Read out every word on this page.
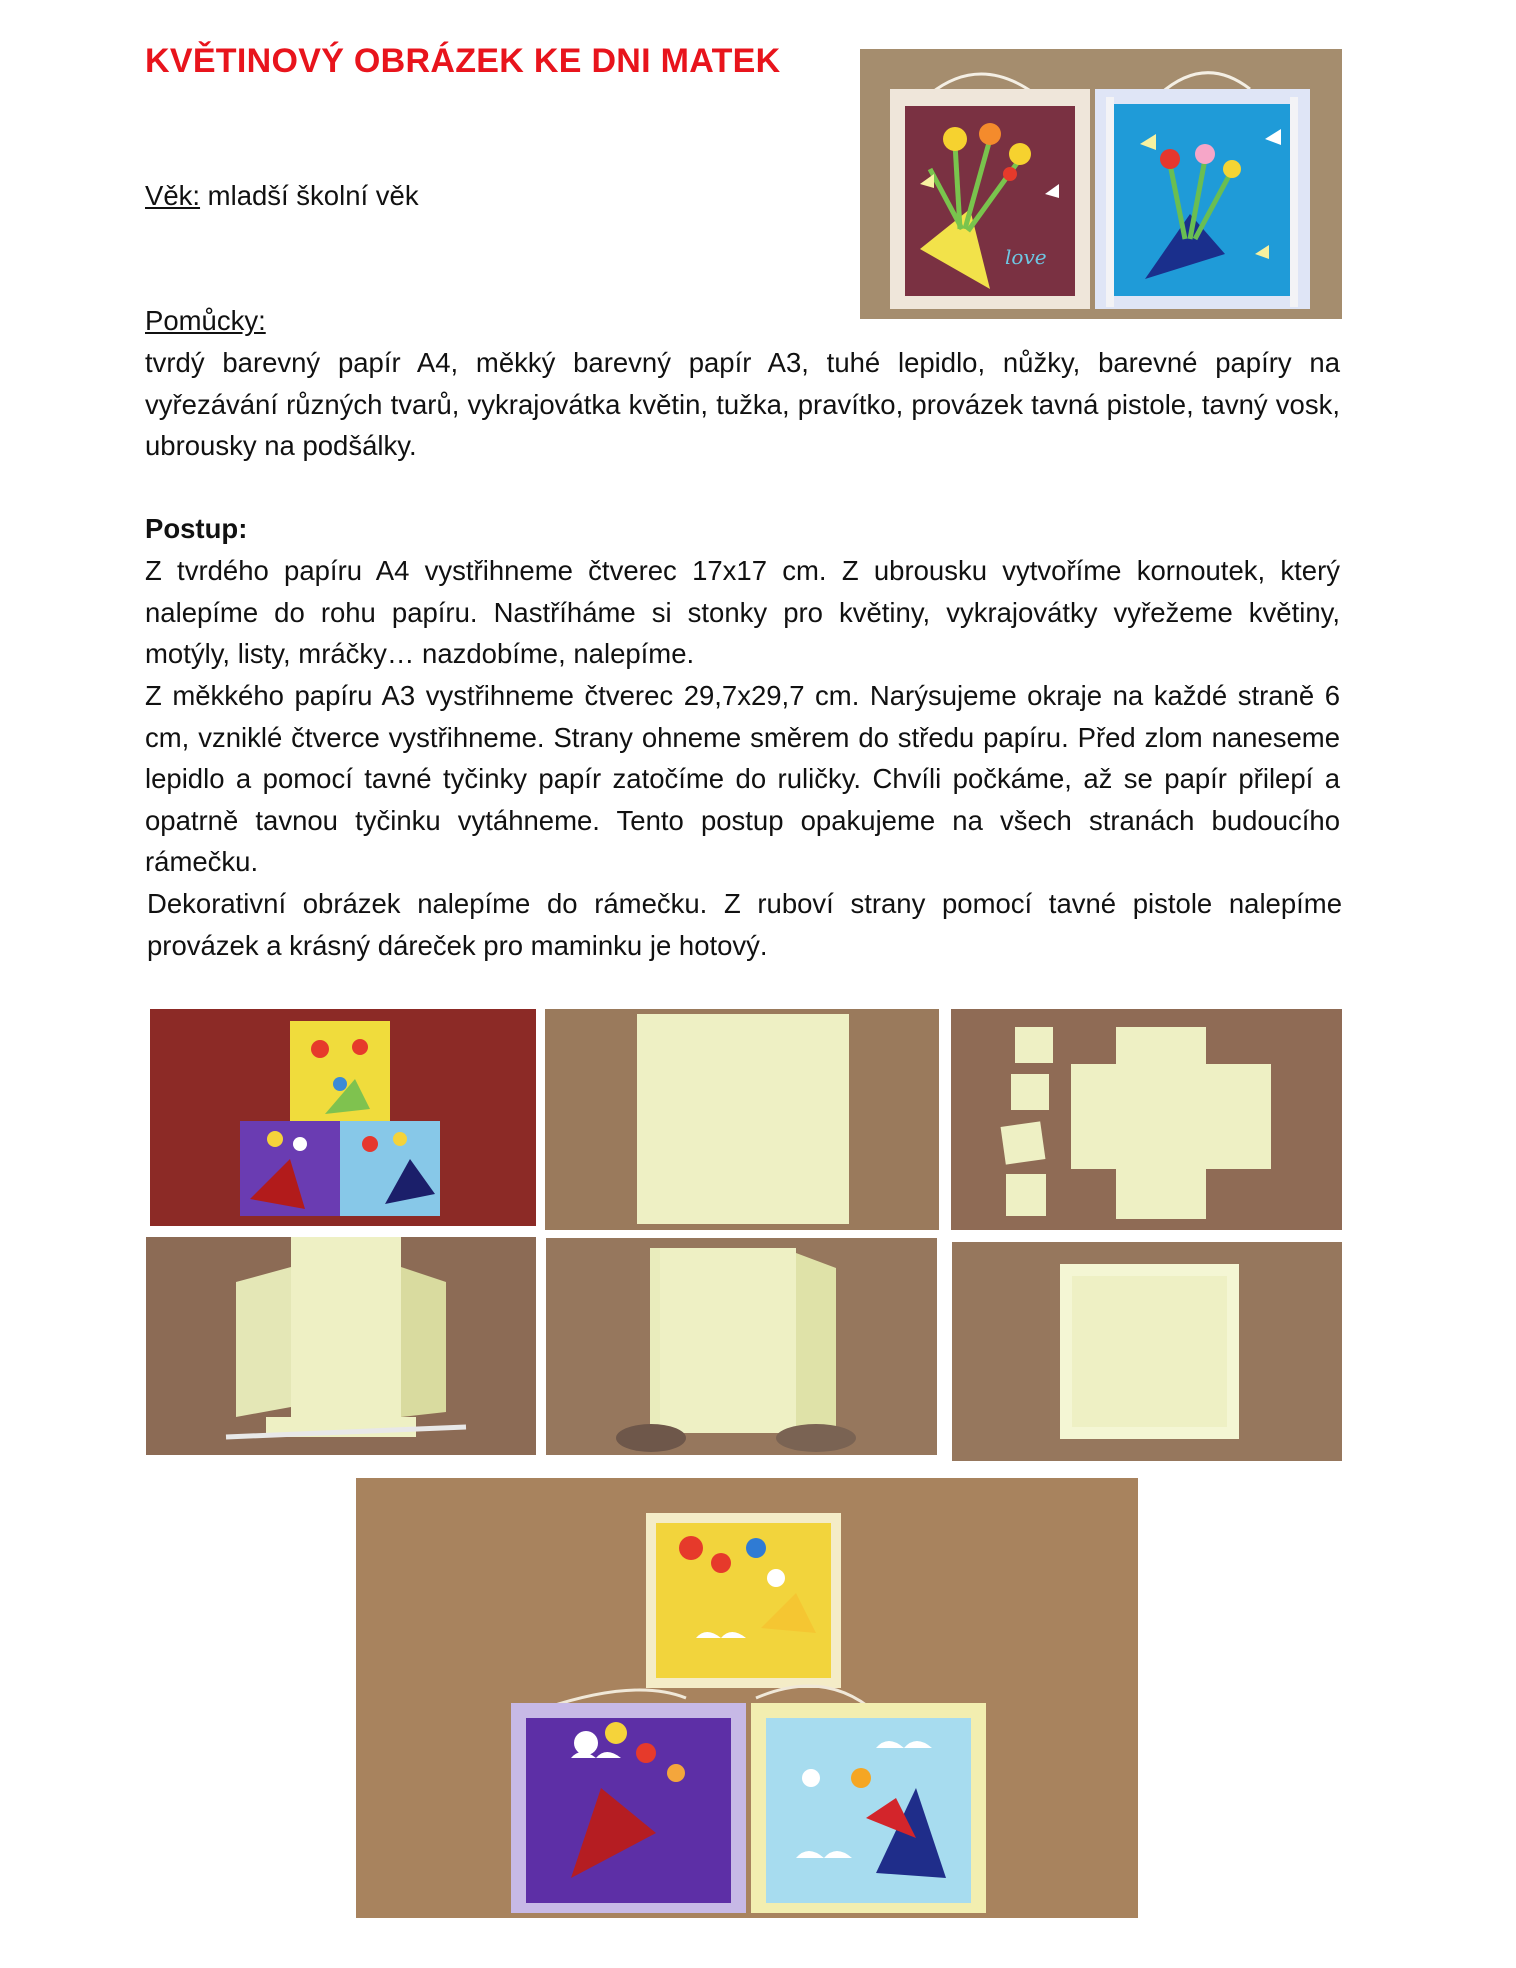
KVĚTINOVÝ OBRÁZEK KE DNI MATEK
Věk: mladší školní věk
Pomůcky:
tvrdý barevný papír A4, měkký barevný papír A3, tuhé lepidlo, nůžky, barevné papíry na vyřezávání různých tvarů, vykrajovátka květin, tužka, pravítko, provázek tavná pistole, tavný vosk, ubrousky na podšálky.
Postup:
Z tvrdého papíru A4 vystřihneme čtverec 17x17 cm. Z ubrousku vytvoříme kornoutek, který nalepíme do rohu papíru. Nastříháme si stonky pro květiny, vykrajovátky vyřežeme květiny, motýly, listy, mráčky… nazdobíme, nalepíme.
Z měkkého papíru A3 vystřihneme čtverec 29,7x29,7 cm. Narýsujeme okraje na každé straně 6 cm, vzniklé čtverce vystřihneme. Strany ohneme směrem do středu papíru. Před zlom naneseme lepidlo a pomocí tavné tyčinky papír zatočíme do ruličky. Chvíli počkáme, až se papír přilepí a opatrně tavnou tyčinku vytáhneme. Tento postup opakujeme na všech stranách budoucího rámečku.
Dekorativní obrázek nalepíme do rámečku. Z ruboví strany pomocí tavné pistole nalepíme provázek a krásný dáreček pro maminku je hotový.
love
